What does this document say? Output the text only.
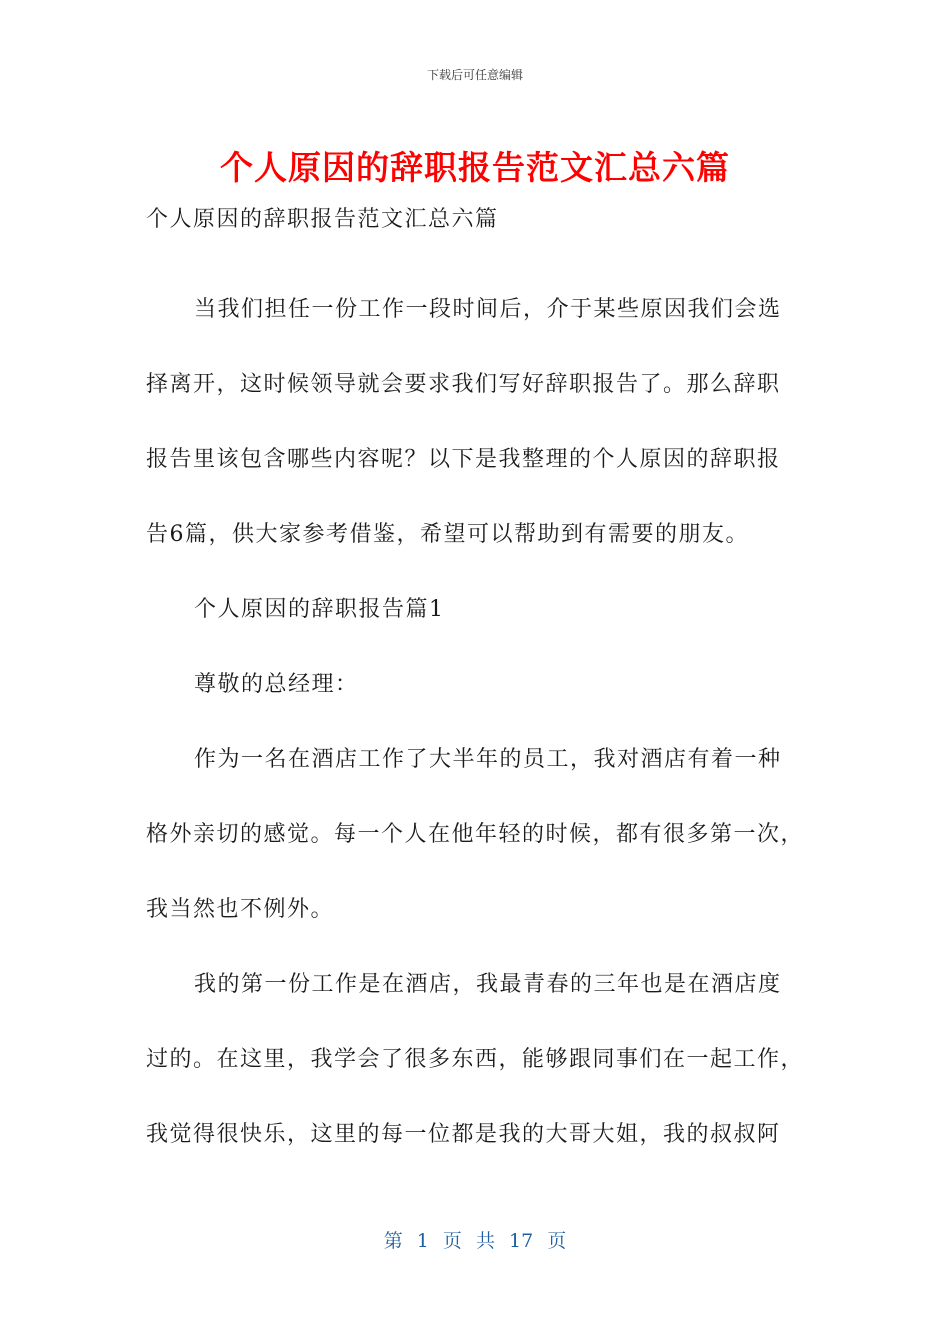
下载后可任意编辑
个人原因的辞职报告范文汇总六篇
个人原因的辞职报告范文汇总六篇
当我们担任一份工作一段时间后，介于某些原因我们会选
择离开，这时候领导就会要求我们写好辞职报告了。那么辞职
报告里该包含哪些内容呢？以下是我整理的个人原因的辞职报
告6篇，供大家参考借鉴，希望可以帮助到有需要的朋友。
个人原因的辞职报告篇1
尊敬的总经理：
作为一名在酒店工作了大半年的员工，我对酒店有着一种
格外亲切的感觉。每一个人在他年轻的时候，都有很多第一次，
我当然也不例外。
我的第一份工作是在酒店，我最青春的三年也是在酒店度
过的。在这里，我学会了很多东西，能够跟同事们在一起工作，
我觉得很快乐，这里的每一位都是我的大哥大姐，我的叔叔阿
第 1 页 共 17 页
